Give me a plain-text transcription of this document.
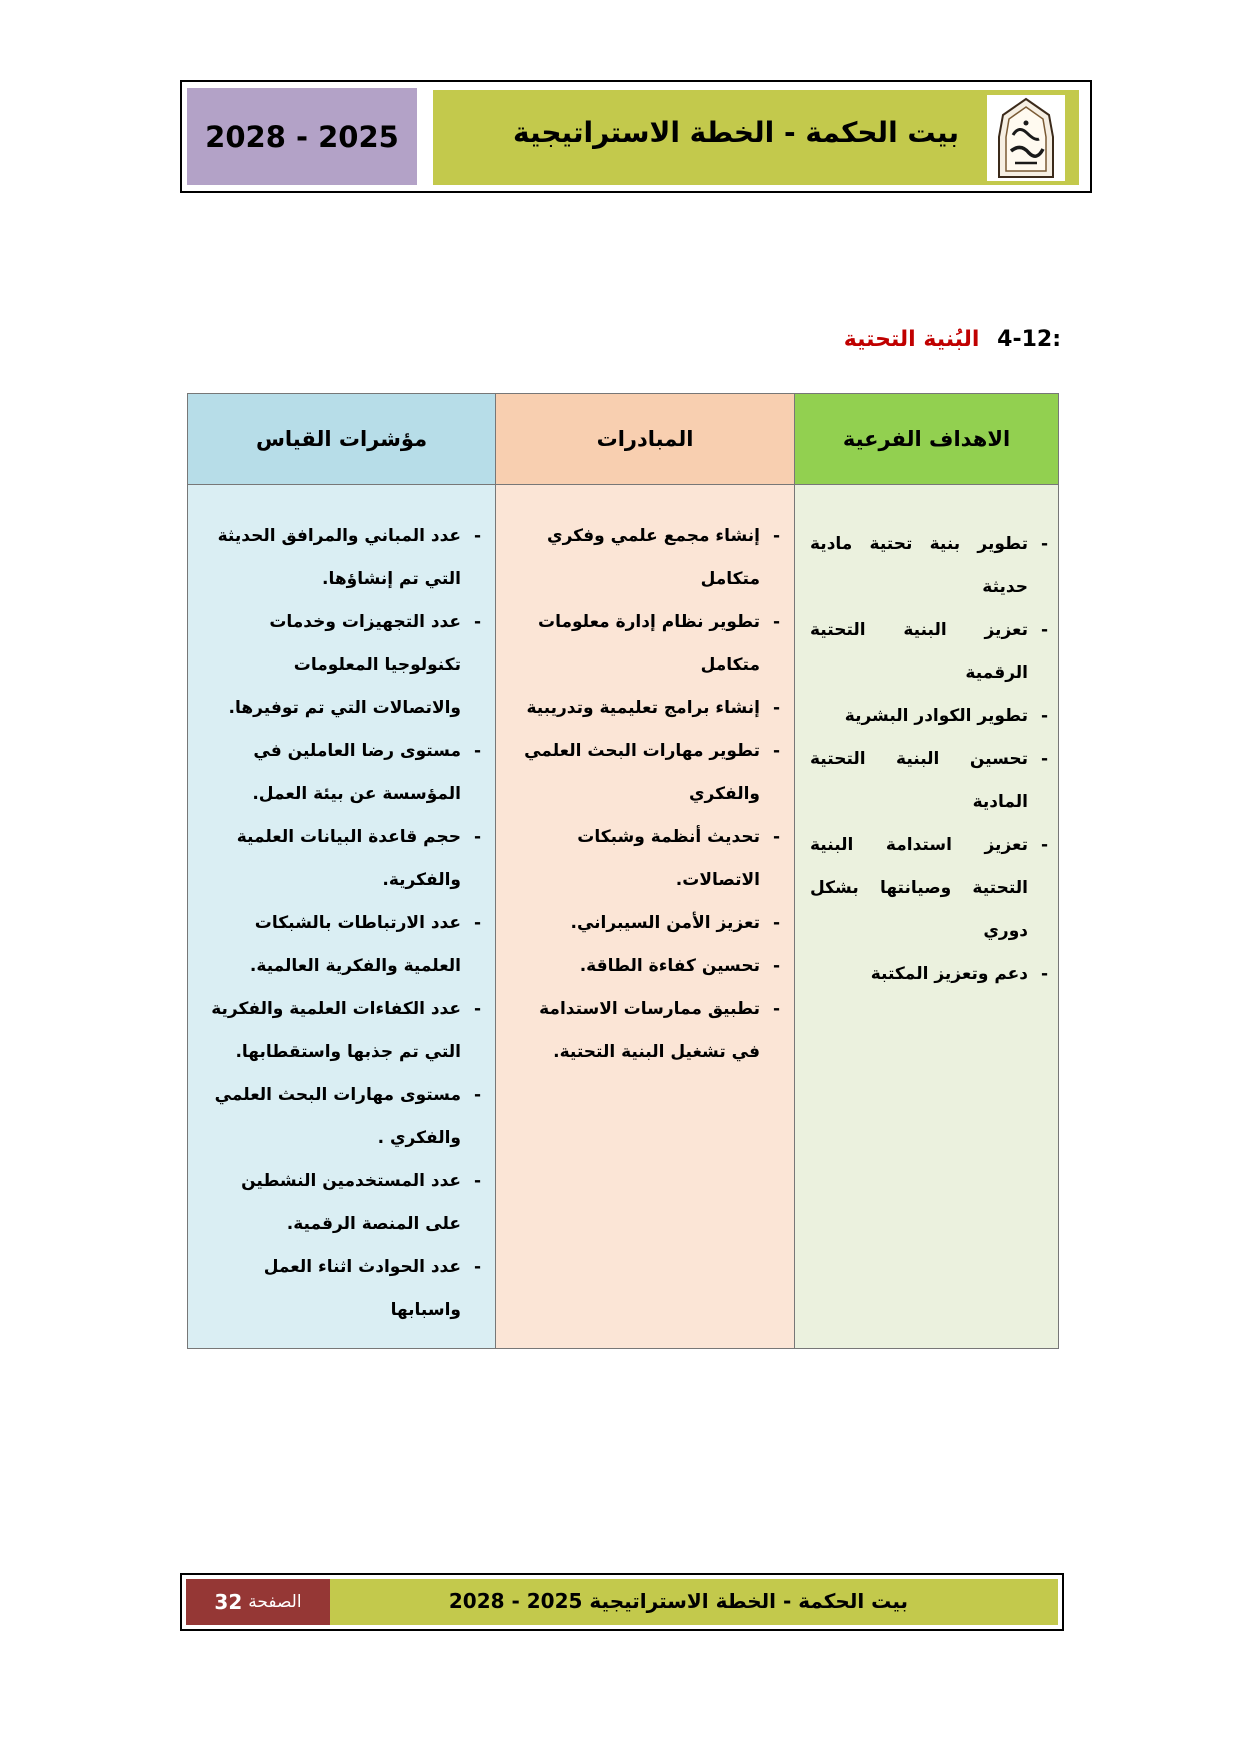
2028 - 2025	بيت الحكمة - الخطة الاستراتيجية
4-12: البُنية التحتية
الاهداف الفرعية
- تطوير بنية تحتية مادية حديثة
- تعزيز البنية التحتية الرقمية
- تطوير الكوادر البشرية
- تحسين البنية التحتية المادية
- تعزيز استدامة البنية التحتية وصيانتها بشكل دوري
- دعم وتعزيز المكتبة
المبادرات
- إنشاء مجمع علمي وفكري متكامل
- تطوير نظام إدارة معلومات متكامل
- إنشاء برامج تعليمية وتدريبية
- تطوير مهارات البحث العلمي والفكري
- تحديث أنظمة وشبكات الاتصالات.
- تعزيز الأمن السيبراني.
- تحسين كفاءة الطاقة.
- تطبيق ممارسات الاستدامة في تشغيل البنية التحتية.
مؤشرات القياس
- عدد المباني والمرافق الحديثة التي تم إنشاؤها.
- عدد التجهيزات وخدمات تكنولوجيا المعلومات والاتصالات التي تم توفيرها.
- مستوى رضا العاملين في المؤسسة عن بيئة العمل.
- حجم قاعدة البيانات العلمية والفكرية.
- عدد الارتباطات بالشبكات العلمية والفكرية العالمية.
- عدد الكفاءات العلمية والفكرية التي تم جذبها واستقطابها.
- مستوى مهارات البحث العلمي والفكري .
- عدد المستخدمين النشطين على المنصة الرقمية.
- عدد الحوادث اثناء العمل واسبابها
الصفحة
32	بيت الحكمة - الخطة الاستراتيجية 2025 - 2028
